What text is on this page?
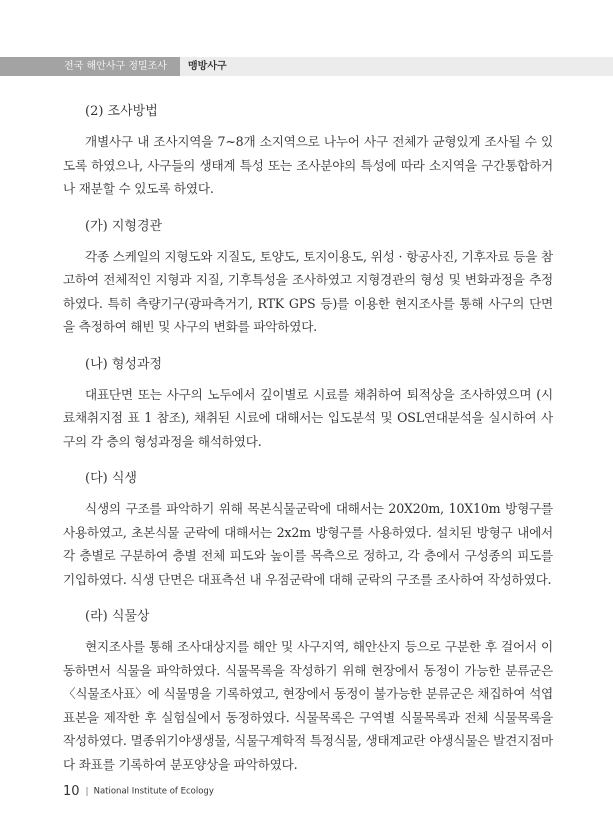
전국 해안사구 정밀조사	맹방사구
(2) 조사방법

개별사구 내 조사지역을 7~8개 소지역으로 나누어 사구 전체가 균형있게 조사될 수 있도록 하였으나, 사구들의 생태계 특성 또는 조사분야의 특성에 따라 소지역을 구간통합하거나 재분할 수 있도록 하였다.

(가) 지형경관

각종 스케일의 지형도와 지질도, 토양도, 토지이용도, 위성 · 항공사진, 기후자료 등을 참고하여 전체적인 지형과 지질, 기후특성을 조사하였고 지형경관의 형성 및 변화과정을 추정하였다. 특히 측량기구(광파측거기, RTK GPS 등)를 이용한 현지조사를 통해 사구의 단면을 측정하여 해빈 및 사구의 변화를 파악하였다.

(나) 형성과정

대표단면 또는 사구의 노두에서 깊이별로 시료를 채취하여 퇴적상을 조사하였으며 (시료채취지점 표 1 참조), 채취된 시료에 대해서는 입도분석 및 OSL연대분석을 실시하여 사구의 각 층의 형성과정을 해석하였다.

(다) 식생

식생의 구조를 파악하기 위해 목본식물군락에 대해서는 20X20m, 10X10m 방형구를 사용하였고, 초본식물 군락에 대해서는 2x2m 방형구를 사용하였다. 설치된 방형구 내에서 각 층별로 구분하여 층별 전체 피도와 높이를 목측으로 정하고, 각 층에서 구성종의 피도를 기입하였다. 식생 단면은 대표측선 내 우점군락에 대해 군락의 구조를 조사하여 작성하였다.

(라) 식물상

현지조사를 통해 조사대상지를 해안 및 사구지역, 해안산지 등으로 구분한 후 걸어서 이동하면서 식물을 파악하였다. 식물목록을 작성하기 위해 현장에서 동정이 가능한 분류군은 〈식물조사표〉에 식물명을 기록하였고, 현장에서 동정이 불가능한 분류군은 채집하여 석엽표본을 제작한 후 실험실에서 동정하였다. 식물목록은 구역별 식물목록과 전체 식물목록을 작성하였다. 멸종위기야생생물, 식물구계학적 특정식물, 생태계교란 야생식물은 발견지점마다 좌표를 기록하여 분포양상을 파악하였다.

10 | National Institute of Ecology
